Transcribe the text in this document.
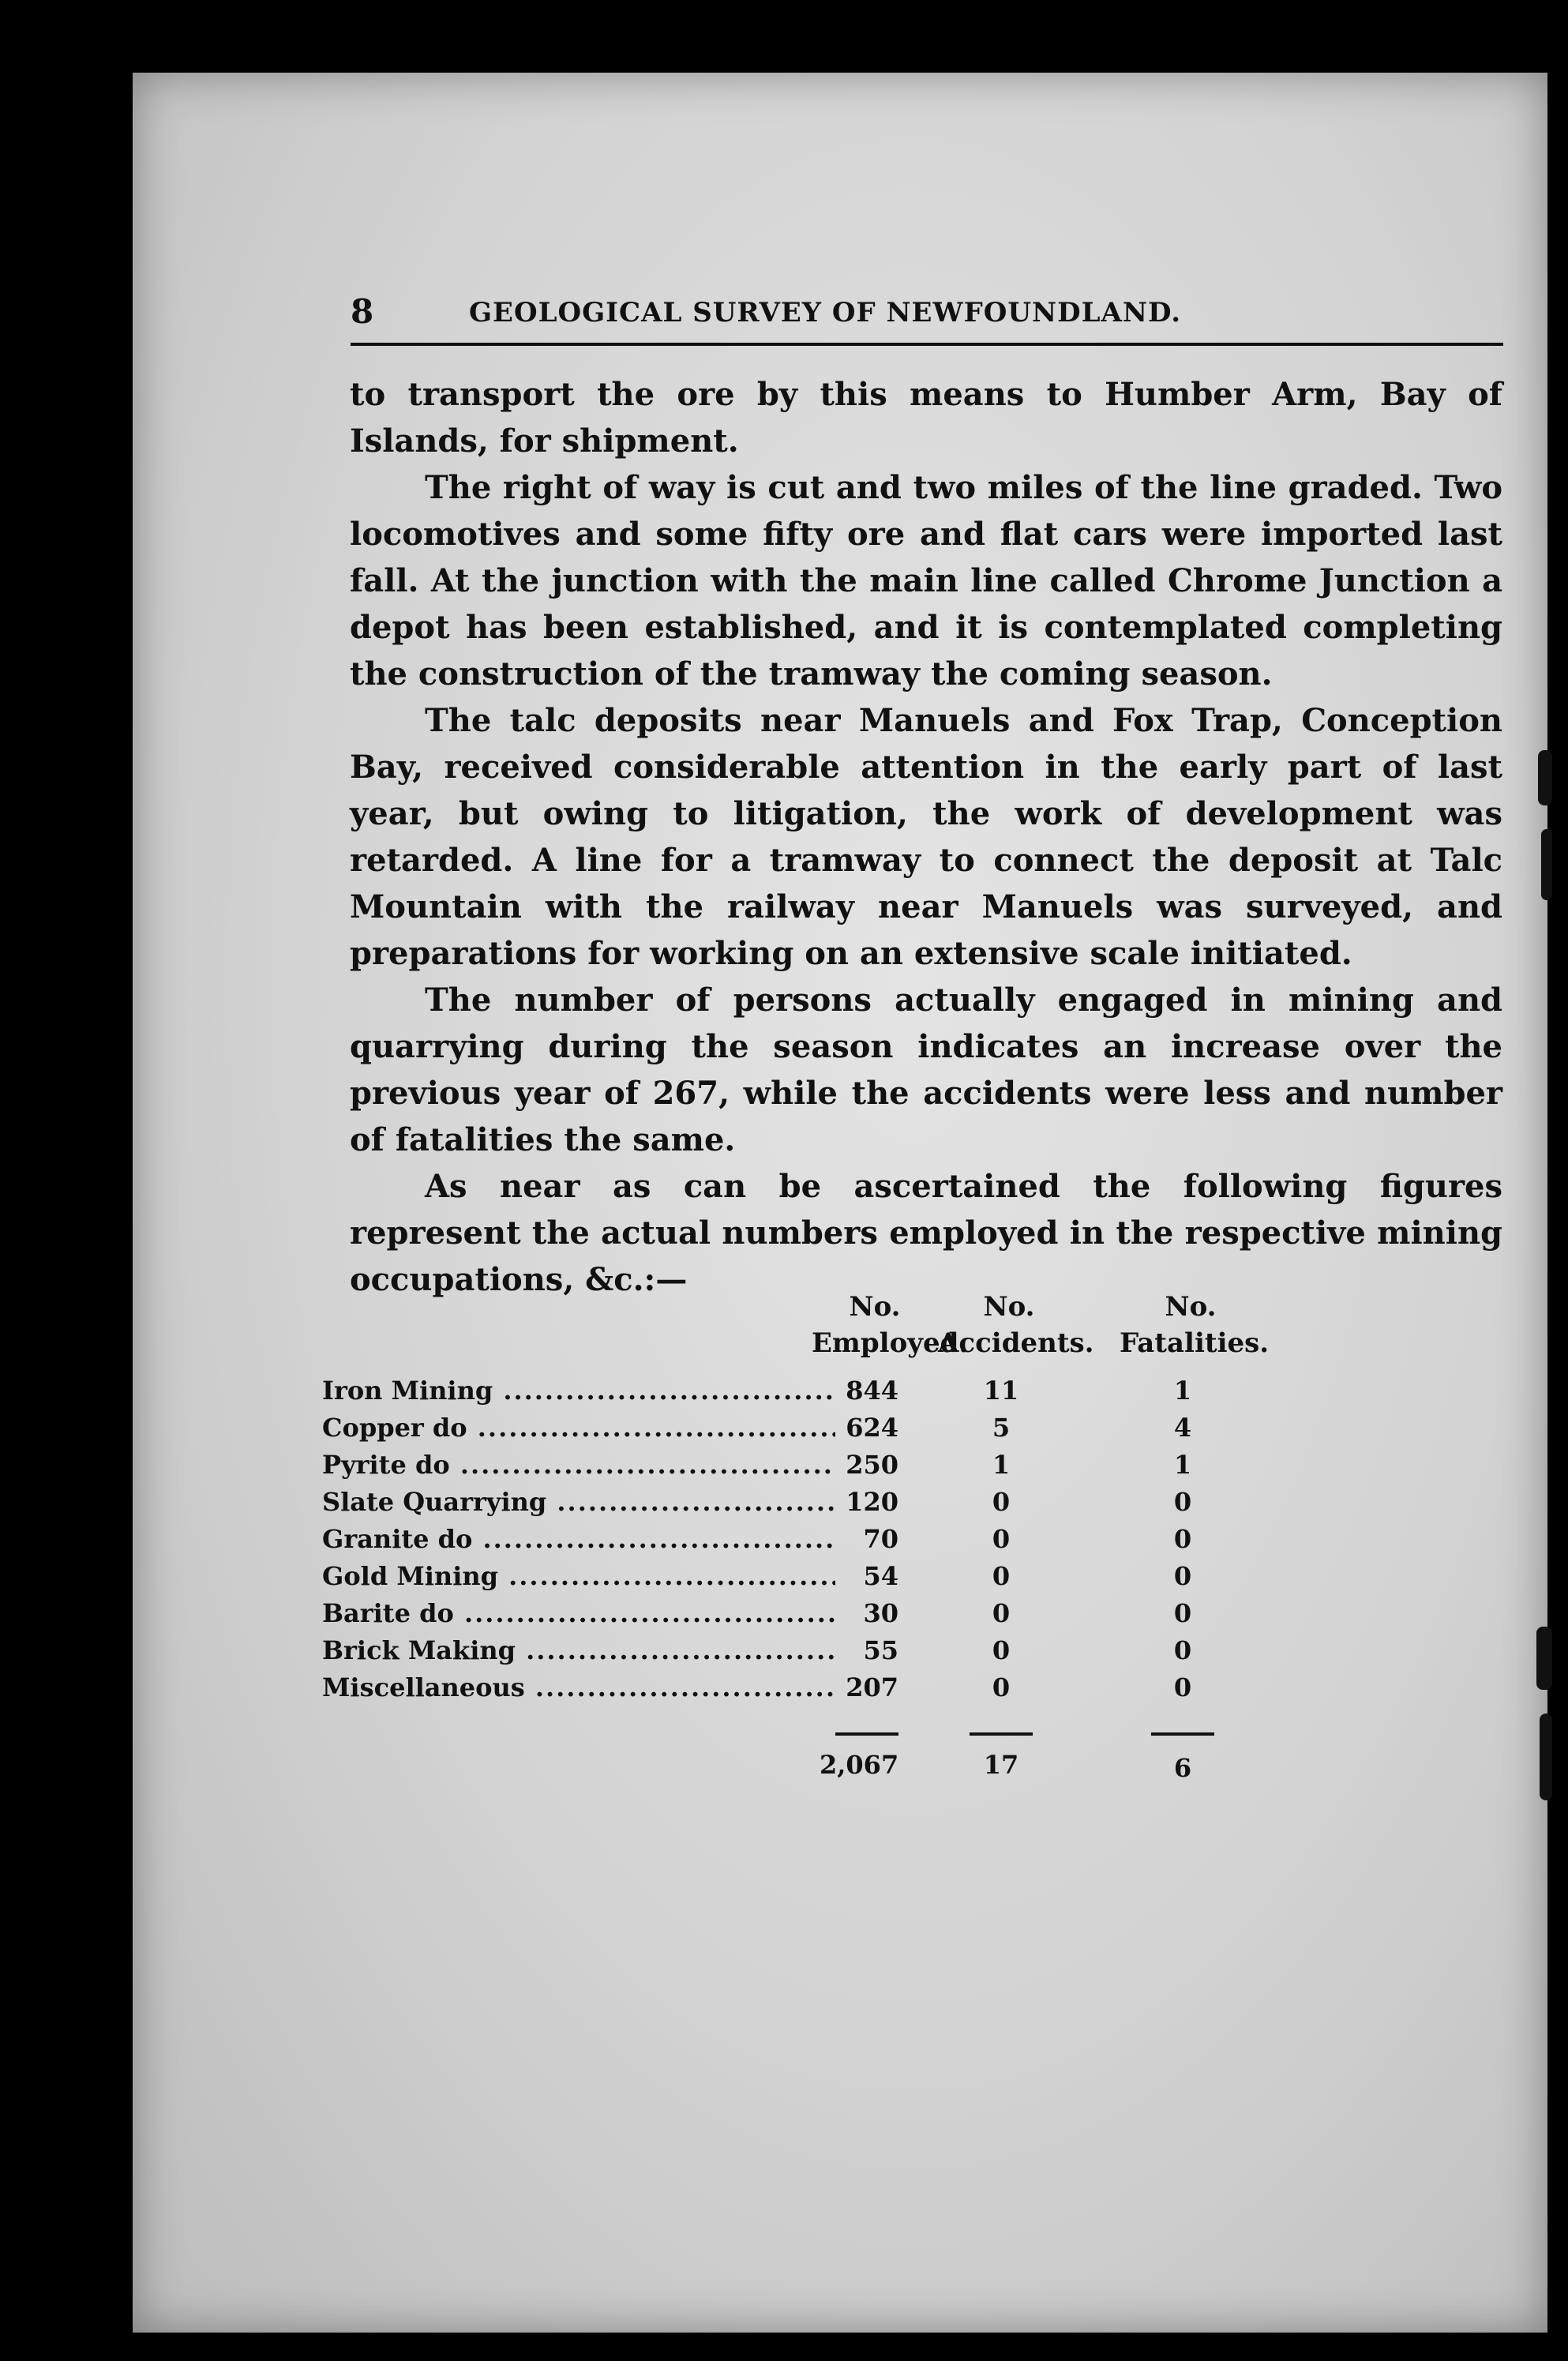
8	GEOLOGICAL SURVEY OF NEWFOUNDLAND.

to transport the ore by this means to Humber Arm, Bay of Islands, for shipment.

The right of way is cut and two miles of the line graded. Two locomotives and some fifty ore and flat cars were imported last fall. At the junction with the main line called Chrome Junction a depot has been established, and it is contemplated completing the construction of the tramway the coming season.

The talc deposits near Manuels and Fox Trap, Conception Bay, received considerable attention in the early part of last year, but owing to litigation, the work of development was retarded. A line for a tramway to connect the deposit at Talc Mountain with the railway near Manuels was surveyed, and preparations for working on an extensive scale initiated.

The number of persons actually engaged in mining and quarrying during the season indicates an increase over the previous year of 267, while the accidents were less and number of fatalities the same.

As near as can be ascertained the following figures represent the actual numbers employed in the respective mining occupations, &c.:—

No.
Employed.
No.
Accidents.
No.
Fatalities.
Iron Mining .....	844	11	1
Copper do .....	624	5	4
Pyrite do .....	250	1	1
Slate Quarrying .....	120	0	0
Granite do .....	70	0	0
Gold Mining .....	54	0	0
Barite do .....	30	0	0
Brick Making .....	55	0	0
Miscellaneous .....	207	0	0
2,067	17	6
